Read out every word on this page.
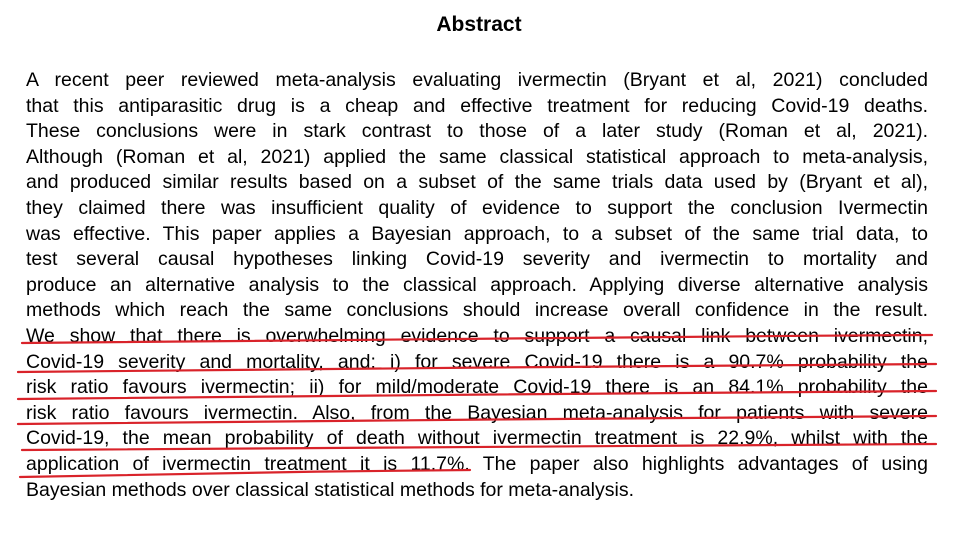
Abstract
A recent peer reviewed meta-analysis evaluating ivermectin (Bryant et al, 2021) concluded
that this antiparasitic drug is a cheap and effective treatment for reducing Covid-19 deaths.
These conclusions were in stark contrast to those of a later study (Roman et al, 2021).
Although (Roman et al, 2021) applied the same classical statistical approach to meta-analysis,
and produced similar results based on a subset of the same trials data used by (Bryant et al),
they claimed there was insufficient quality of evidence to support the conclusion Ivermectin
was effective. This paper applies a Bayesian approach, to a subset of the same trial data, to
test several causal hypotheses linking Covid-19 severity and ivermectin to mortality and
produce an alternative analysis to the classical approach. Applying diverse alternative analysis
methods which reach the same conclusions should increase overall confidence in the result.
We show that there is overwhelming evidence to support a causal link between ivermectin,
Covid-19 severity and mortality, and: i) for severe Covid-19 there is a 90.7% probability the
risk ratio favours ivermectin; ii) for mild/moderate Covid-19 there is an 84.1% probability the
risk ratio favours ivermectin. Also, from the Bayesian meta-analysis for patients with severe
Covid-19, the mean probability of death without ivermectin treatment is 22.9%, whilst with the
application of ivermectin treatment it is 11.7%. The paper also highlights advantages of using
Bayesian methods over classical statistical methods for meta-analysis.
